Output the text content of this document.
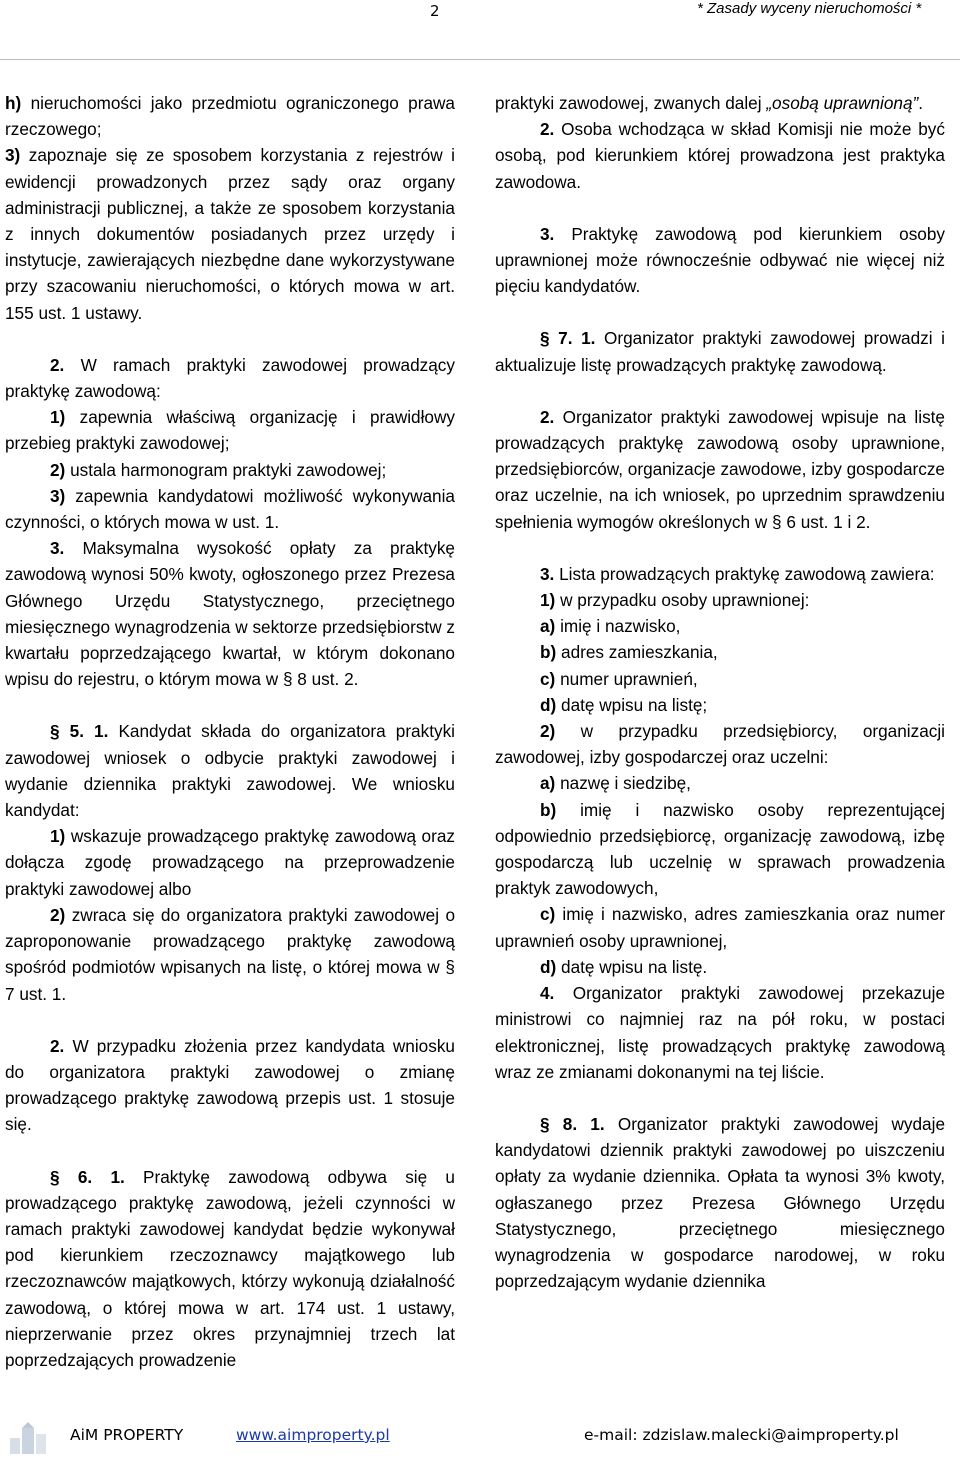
2	* Zasady wyceny nieruchomości *

h) nieruchomości jako przedmiotu ograniczonego prawa rzeczowego;

3) zapoznaje się ze sposobem korzystania z rejestrów i ewidencji prowadzonych przez sądy oraz organy administracji publicznej, a także ze sposobem korzystania z innych dokumentów posiadanych przez urzędy i instytucje, zawierających niezbędne dane wykorzystywane przy szacowaniu nieruchomości, o których mowa w art. 155 ust. 1 ustawy.

2. W ramach praktyki zawodowej prowadzący praktykę zawodową:

1) zapewnia właściwą organizację i prawidłowy przebieg praktyki zawodowej;

2) ustala harmonogram praktyki zawodowej;

3) zapewnia kandydatowi możliwość wykonywania czynności, o których mowa w ust. 1.

3. Maksymalna wysokość opłaty za praktykę zawodową wynosi 50% kwoty, ogłoszonego przez Prezesa Głównego Urzędu Statystycznego, przeciętnego miesięcznego wynagrodzenia w sektorze przedsiębiorstw z kwartału poprzedzającego kwartał, w którym dokonano wpisu do rejestru, o którym mowa w § 8 ust. 2.

§ 5. 1. Kandydat składa do organizatora praktyki zawodowej wniosek o odbycie praktyki zawodowej i wydanie dziennika praktyki zawodowej. We wniosku kandydat:

1) wskazuje prowadzącego praktykę zawodową oraz dołącza zgodę prowadzącego na przeprowadzenie praktyki zawodowej albo

2) zwraca się do organizatora praktyki zawodowej o zaproponowanie prowadzącego praktykę zawodową spośród podmiotów wpisanych na listę, o której mowa w § 7 ust. 1.

2. W przypadku złożenia przez kandydata wniosku do organizatora praktyki zawodowej o zmianę prowadzącego praktykę zawodową przepis ust. 1 stosuje się.

§ 6. 1. Praktykę zawodową odbywa się u prowadzącego praktykę zawodową, jeżeli czynności w ramach praktyki zawodowej kandydat będzie wykonywał pod kierunkiem rzeczoznawcy majątkowego lub rzeczoznawców majątkowych, którzy wykonują działalność zawodową, o której mowa w art. 174 ust. 1 ustawy, nieprzerwanie przez okres przynajmniej trzech lat poprzedzających prowadzenie

praktyki zawodowej, zwanych dalej „osobą uprawnioną”.

2. Osoba wchodząca w skład Komisji nie może być osobą, pod kierunkiem której prowadzona jest praktyka zawodowa.

3. Praktykę zawodową pod kierunkiem osoby uprawnionej może równocześnie odbywać nie więcej niż pięciu kandydatów.

§ 7. 1. Organizator praktyki zawodowej prowadzi i aktualizuje listę prowadzących praktykę zawodową.

2. Organizator praktyki zawodowej wpisuje na listę prowadzących praktykę zawodową osoby uprawnione, przedsiębiorców, organizacje zawodowe, izby gospodarcze oraz uczelnie, na ich wniosek, po uprzednim sprawdzeniu spełnienia wymogów określonych w § 6 ust. 1 i 2.

3. Lista prowadzących praktykę zawodową zawiera:

1) w przypadku osoby uprawnionej:

a) imię i nazwisko,

b) adres zamieszkania,

c) numer uprawnień,

d) datę wpisu na listę;

2) w przypadku przedsiębiorcy, organizacji zawodowej, izby gospodarczej oraz uczelni:

a) nazwę i siedzibę,

b) imię i nazwisko osoby reprezentującej odpowiednio przedsiębiorcę, organizację zawodową, izbę gospodarczą lub uczelnię w sprawach prowadzenia praktyk zawodowych,

c) imię i nazwisko, adres zamieszkania oraz numer uprawnień osoby uprawnionej,

d) datę wpisu na listę.

4. Organizator praktyki zawodowej przekazuje ministrowi co najmniej raz na pół roku, w postaci elektronicznej, listę prowadzących praktykę zawodową wraz ze zmianami dokonanymi na tej liście.

§ 8. 1. Organizator praktyki zawodowej wydaje kandydatowi dziennik praktyki zawodowej po uiszczeniu opłaty za wydanie dziennika. Opłata ta wynosi 3% kwoty, ogłaszanego przez Prezesa Głównego Urzędu Statystycznego, przeciętnego miesięcznego wynagrodzenia w gospodarce narodowej, w roku poprzedzającym wydanie dziennika

AiM PROPERTY	www.aimproperty.pl	e-mail: zdzislaw.malecki@aimproperty.pl
